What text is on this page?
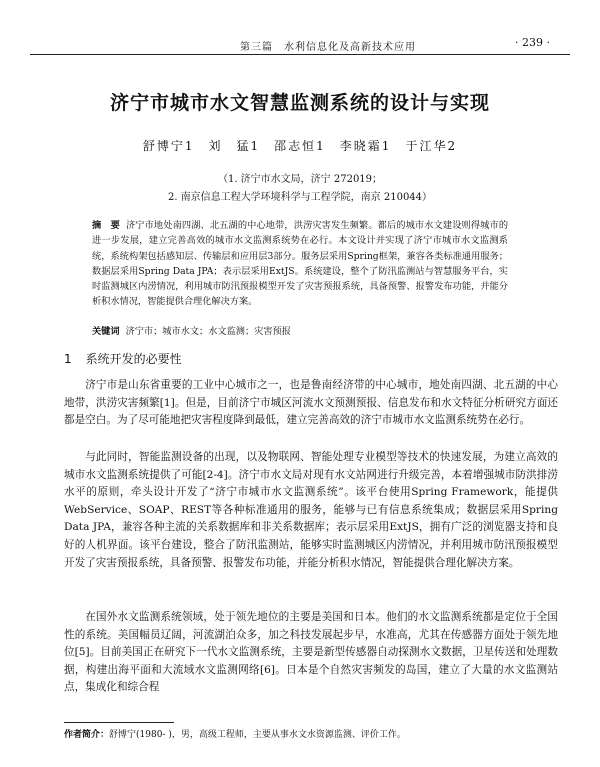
第三篇　水利信息化及高新技术应用	· 239 ·
济宁市城市水文智慧监测系统的设计与实现
舒博宁1　刘　猛1　邵志恒1　李晓霜1　于江华2
（1. 济宁市水文局，济宁 272019；
2. 南京信息工程大学环境科学与工程学院，南京 210044）
摘　要 济宁市地处南四湖、北五湖的中心地带，洪涝灾害发生频繁。都后的城市水文建设则得城市的进一步发展，建立完善高效的城市水文监测系统势在必行。本文设计并实现了济宁市城市水文监测系统，系统构架包括感知层、传输层和应用层3部分。服务层采用Spring框架，兼容各类标准通用服务；数据层采用Spring Data JPA；表示层采用ExtJS。系统建设，整个了防汛监测站与智慧服务平台，实时监测城区内涝情况，利用城市防汛预报模型开发了灾害预报系统，具备预警、报警发布功能，并能分析积水情况，智能提供合理化解决方案。
关键词 济宁市；城市水文；水文监测；灾害预报
1 系统开发的必要性

济宁市是山东省重要的工业中心城市之一，也是鲁南经济带的中心城市，地处南四湖、北五湖的中心地带，洪涝灾害频繁[1]。但是，目前济宁市城区河流水文预测预报、信息发布和水文特征分析研究方面还都是空白。为了尽可能地把灾害程度降到最低，建立完善高效的济宁市城市水文监测系统势在必行。

与此同时，智能监测设备的出现，以及物联网、智能处理专业模型等技术的快速发展，为建立高效的城市水文监测系统提供了可能[2-4]。济宁市水文局对现有水文站网进行升级完善，本着增强城市防洪排涝水平的原则，牵头设计开发了“济宁市城市水文监测系统”。该平台使用Spring Framework，能提供WebService、SOAP、REST等各种标准通用的服务，能够与已有信息系统集成；数据层采用Spring Data JPA，兼容各种主流的关系数据库和非关系数据库；表示层采用ExtJS，拥有广泛的浏览器支持和良好的人机界面。该平台建设，整合了防汛监测站，能够实时监测城区内涝情况，并利用城市防汛预报模型开发了灾害预报系统，具备预警、报警发布功能，并能分析积水情况，智能提供合理化解决方案。

在国外水文监测系统领域，处于领先地位的主要是美国和日本。他们的水文监测系统都是定位于全国性的系统。美国幅员辽阔，河流湖泊众多，加之科技发展起步早，水准高，尤其在传感器方面处于领先地位[5]。目前美国正在研究下一代水文监测系统，主要是新型传感器自动探测水文数据，卫星传送和处理数据，构建出海平面和大流域水文监测网络[6]。日本是个自然灾害频发的岛国，建立了大量的水文监测站点，集成化和综合程

作者简介：舒博宁(1980- )，男，高级工程师，主要从事水文水资源监测、评价工作。
